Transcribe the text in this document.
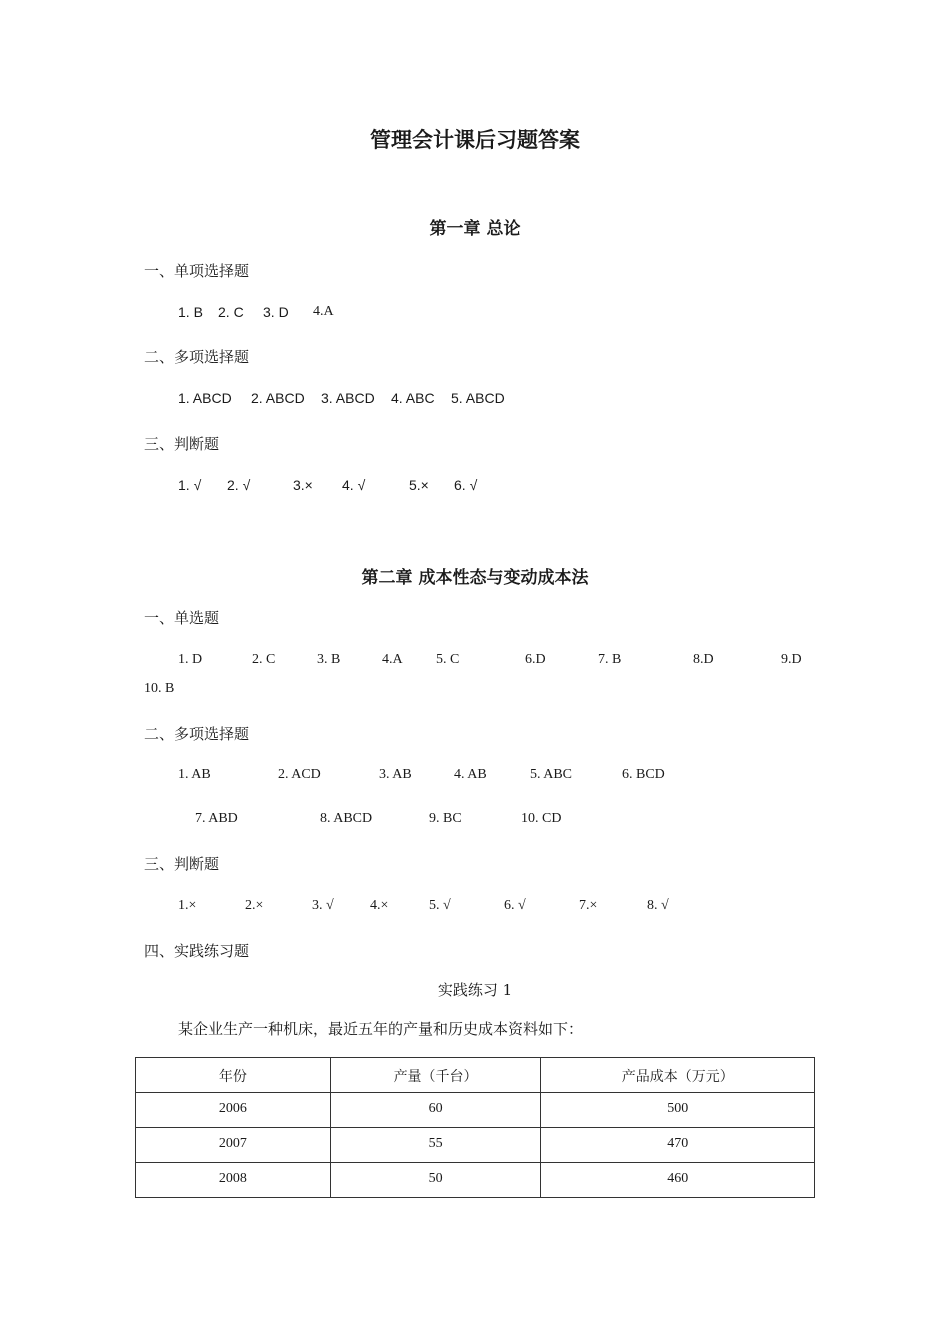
管理会计课后习题答案
第一章 总论
一、单项选择题
1. B 2. C 3. D 4.A
二、多项选择题
1. ABCD 2. ABCD 3. ABCD 4. ABC 5. ABCD
三、判断题
1. √ 2. √	3.× 4. √	5.× 6. √
第二章 成本性态与变动成本法
一、单选题
1. D	2. C	3. B	4.A 5. C	6.D	7. B	8.D	9.D
10. B
二、多项选择题
1. AB	2. ACD	3. AB	4. AB	5. ABC	6. BCD
7. ABD	8. ABCD	9. BC	10. CD
三、判断题
1.×	2.×	3. √	4.×	5. √	6. √	7.×	8. √
四、实践练习题
实践练习 1
某企业生产一种机床，最近五年的产量和历史成本资料如下：
年份	产量（千台）	产品成本（万元）
2006	60	500
2007	55	470
2008	50	460
